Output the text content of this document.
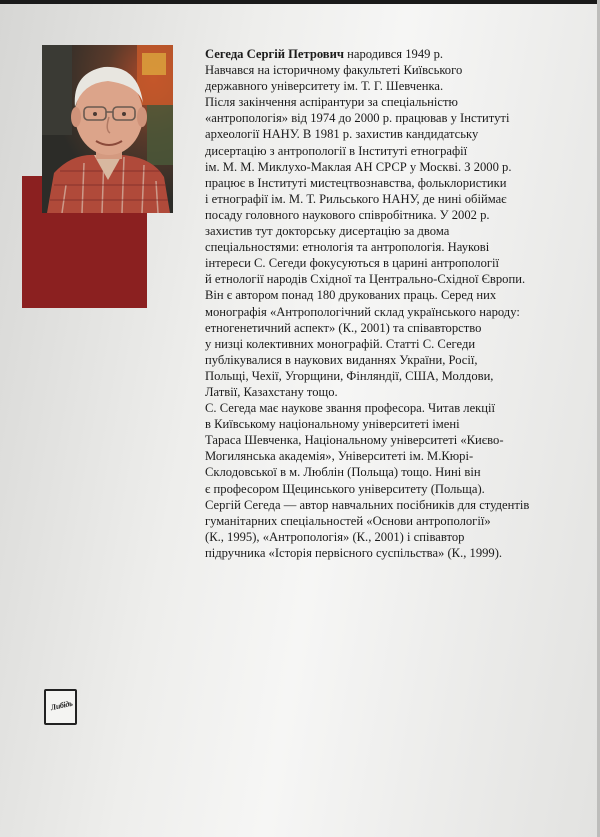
Сегеда Сергій Петрович народився 1949 р.
Навчався на історичному факультеті Київського
державного університету ім. Т. Г. Шевченка.
Після закінчення аспірантури за спеціальністю
«антропологія» від 1974 до 2000 р. працював у Інституті
археології НАНУ. В 1981 р. захистив кандидатську
дисертацію з антропології в Інституті етнографії
ім. М. М. Миклухо-Маклая АН СРСР у Москві. З 2000 р.
працює в Інституті мистецтвознавства, фольклористики
і етнографії ім. М. Т. Рильського НАНУ, де нині обіймає
посаду головного наукового співробітника. У 2002 р.
захистив тут докторську дисертацію за двома
спеціальностями: етнологія та антропологія. Наукові
інтереси С. Сегеди фокусуються в царині антропології
й етнології народів Східної та Центрально-Східної Європи.
Він є автором понад 180 друкованих праць. Серед них
монографія «Антропологічний склад українського народу:
етногенетичний аспект» (К., 2001) та співавторство
у низці колективних монографій. Статті С. Сегеди
публікувалися в наукових виданнях України, Росії,
Польщі, Чехії, Угорщини, Фінляндії, США, Молдови,
Латвії, Казахстану тощо.
С. Сегеда має наукове звання професора. Читав лекції
в Київському національному університеті імені
Тараса Шевченка, Національному університеті «Києво-
Могилянська академія», Університеті ім. М.Кюрі-
Склодовської в м. Люблін (Польща) тощо. Нині він
є професором Щецинського університету (Польща).
Сергій Сегеда — автор навчальних посібників для студентів
гуманітарних спеціальностей «Основи антропології»
(К., 1995), «Антропологія» (К., 2001) і співавтор
підручника «Історія первісного суспільства» (К., 1999).
Либідь
